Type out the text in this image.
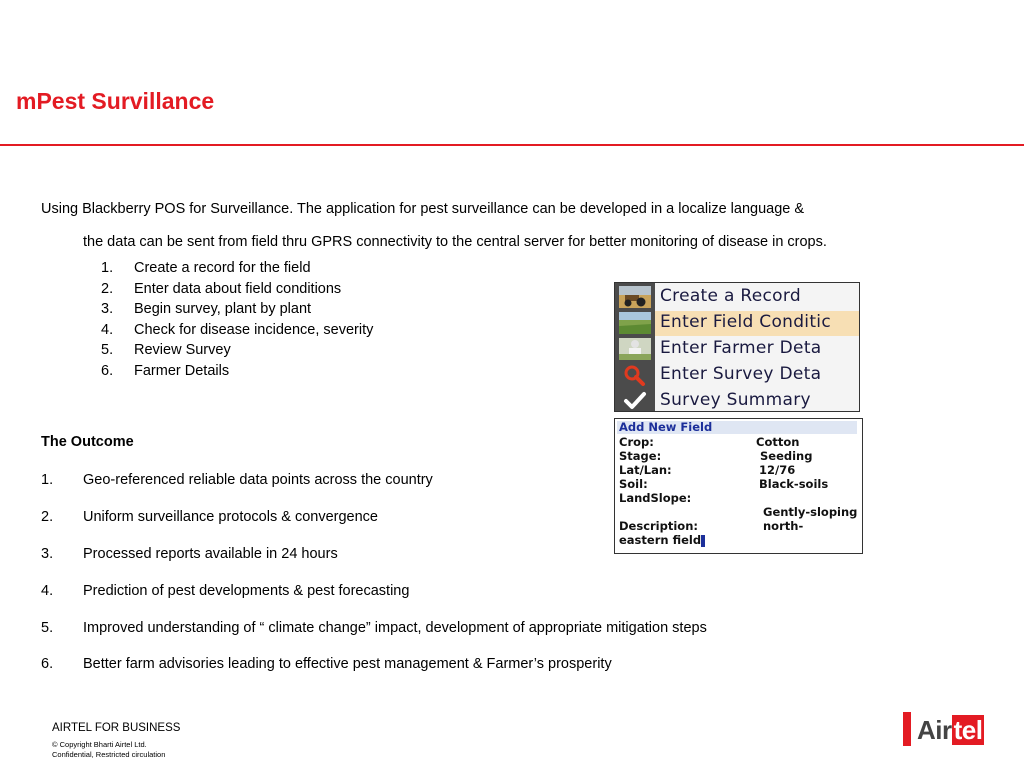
mPest Survillance
Using Blackberry POS for Surveillance. The application for pest surveillance can be developed in a localize language &
the data can be sent from field thru GPRS connectivity to the central server for better monitoring of disease in crops.
1. Create a record for the field
2. Enter data about field conditions
3. Begin survey, plant by plant
4. Check for disease incidence, severity
5. Review Survey
6. Farmer Details
The Outcome
1. Geo-referenced reliable data points across the country
2. Uniform surveillance protocols & convergence
3. Processed reports available in 24 hours
4. Prediction of pest developments & pest forecasting
5. Improved understanding of “ climate change” impact, development of appropriate mitigation steps
6. Better farm advisories leading to effective pest management & Farmer’s prosperity
Create a Record
Enter Field Conditic
Enter Farmer Deta
Enter Survey Deta
Survey Summary
Add New Field
Crop:	Cotton
Stage:	Seeding
Lat/Lan:	12/76
Soil:	Black-soils
LandSlope:
Gently-sloping
Description:	north-
eastern field
AIRTEL FOR BUSINESS
© Copyright Bharti Airtel Ltd.
Confidential, Restricted circulation
Airtel
